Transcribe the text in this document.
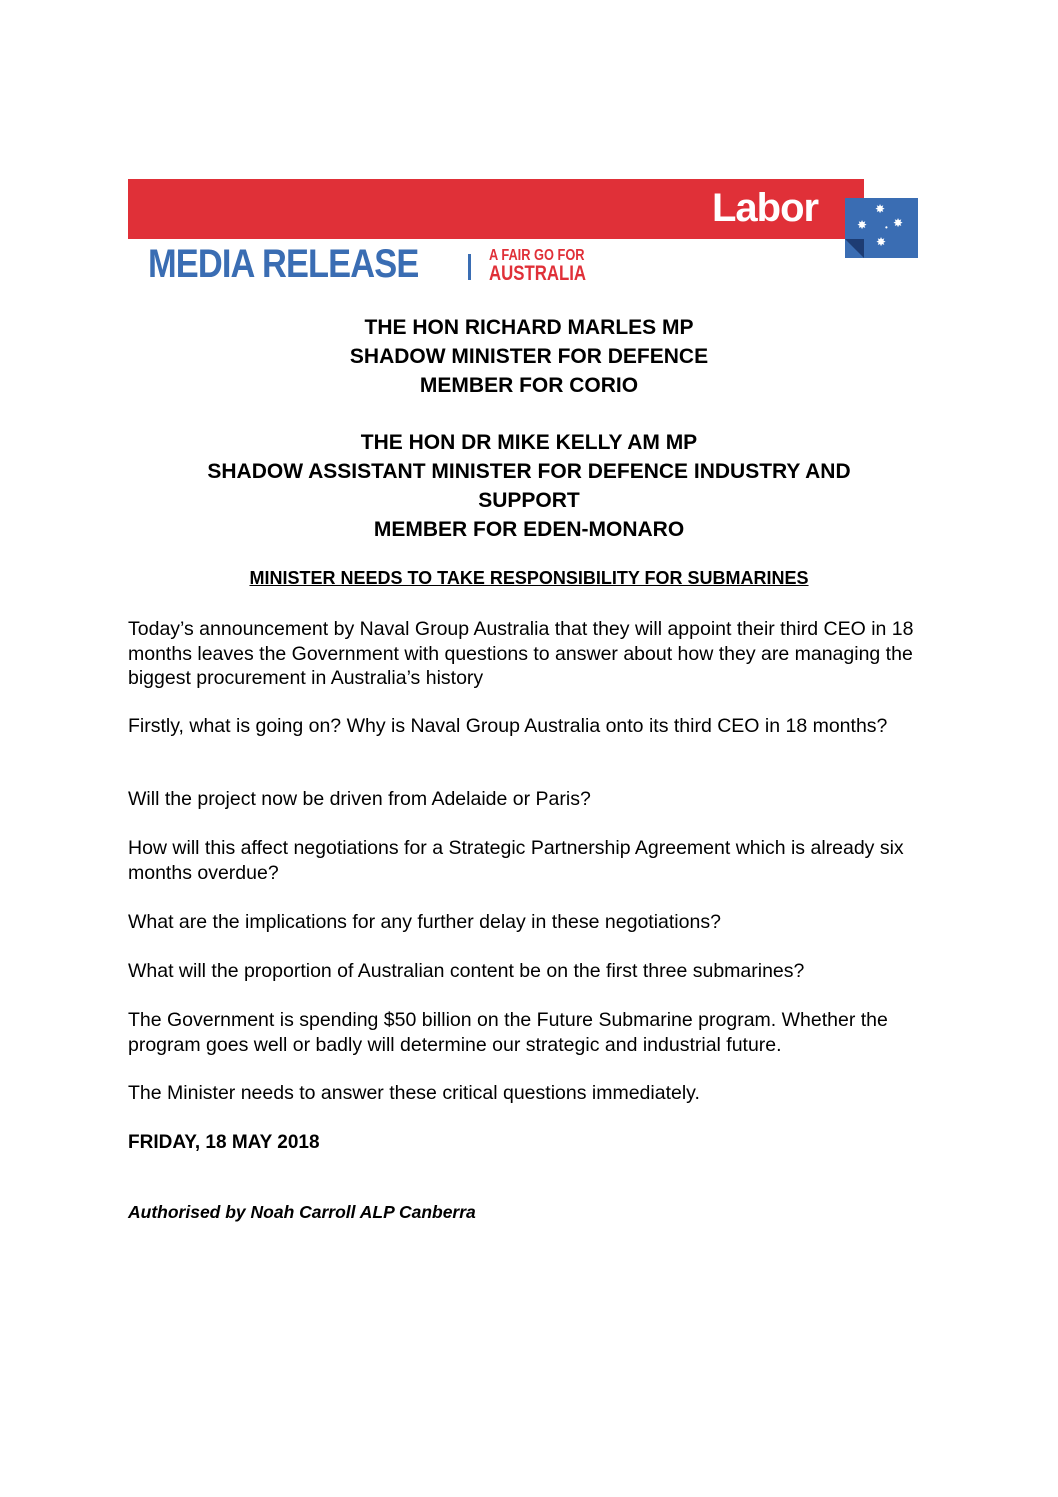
✸
✸ ✸
✸
•
Labor
MEDIA RELEASE	A FAIR GO FOR
AUSTRALIA
THE HON RICHARD MARLES MP
SHADOW MINISTER FOR DEFENCE
MEMBER FOR CORIO
THE HON DR MIKE KELLY AM MP
SHADOW ASSISTANT MINISTER FOR DEFENCE INDUSTRY AND
SUPPORT
MEMBER FOR EDEN-MONARO
MINISTER NEEDS TO TAKE RESPONSIBILITY FOR SUBMARINES
Today’s announcement by Naval Group Australia that they will appoint their third CEO in 18 months leaves the Government with questions to answer about how they are managing the biggest procurement in Australia’s history
Firstly, what is going on? Why is Naval Group Australia onto its third CEO in 18 months?
Will the project now be driven from Adelaide or Paris?
How will this affect negotiations for a Strategic Partnership Agreement which is already six months overdue?
What are the implications for any further delay in these negotiations?
What will the proportion of Australian content be on the first three submarines?
The Government is spending $50 billion on the Future Submarine program. Whether the program goes well or badly will determine our strategic and industrial future.
The Minister needs to answer these critical questions immediately.
FRIDAY, 18 MAY 2018
Authorised by Noah Carroll ALP Canberra
